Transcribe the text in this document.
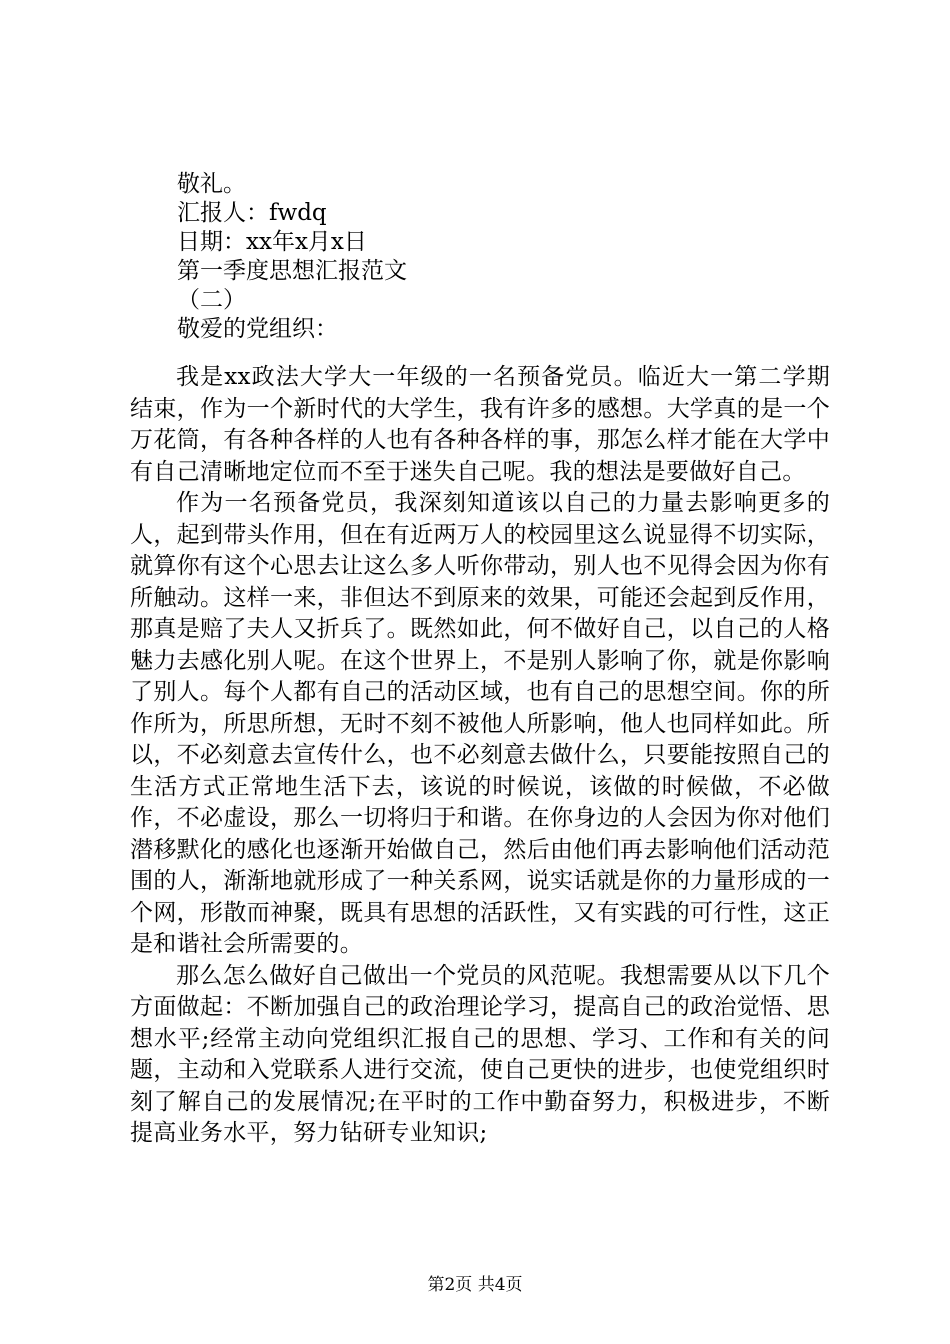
敬礼。

汇报人：fwdq

日期：xx年x月x日

第一季度思想汇报范文

（二）

敬爱的党组织：

我是xx政法大学大一年级的一名预备党员。临近大一第二学期结束，作为一个新时代的大学生，我有许多的感想。大学真的是一个万花筒，有各种各样的人也有各种各样的事，那怎么样才能在大学中有自己清晰地定位而不至于迷失自己呢。我的想法是要做好自己。

作为一名预备党员，我深刻知道该以自己的力量去影响更多的人，起到带头作用，但在有近两万人的校园里这么说显得不切实际，就算你有这个心思去让这么多人听你带动，别人也不见得会因为你有所触动。这样一来，非但达不到原来的效果，可能还会起到反作用，那真是赔了夫人又折兵了。既然如此，何不做好自己，以自己的人格魅力去感化别人呢。在这个世界上，不是别人影响了你，就是你影响了别人。每个人都有自己的活动区域，也有自己的思想空间。你的所作所为，所思所想，无时不刻不被他人所影响，他人也同样如此。所以，不必刻意去宣传什么，也不必刻意去做什么，只要能按照自己的生活方式正常地生活下去，该说的时候说，该做的时候做，不必做作，不必虚设，那么一切将归于和谐。在你身边的人会因为你对他们潜移默化的感化也逐渐开始做自己，然后由他们再去影响他们活动范围的人，渐渐地就形成了一种关系网，说实话就是你的力量形成的一个网，形散而神聚，既具有思想的活跃性，又有实践的可行性，这正是和谐社会所需要的。

那么怎么做好自己做出一个党员的风范呢。我想需要从以下几个方面做起：不断加强自己的政治理论学习，提高自己的政治觉悟、思想水平;经常主动向党组织汇报自己的思想、学习、工作和有关的问题，主动和入党联系人进行交流，使自己更快的进步，也使党组织时刻了解自己的发展情况;在平时的工作中勤奋努力，积极进步，不断提高业务水平，努力钻研专业知识;

第2页 共4页
